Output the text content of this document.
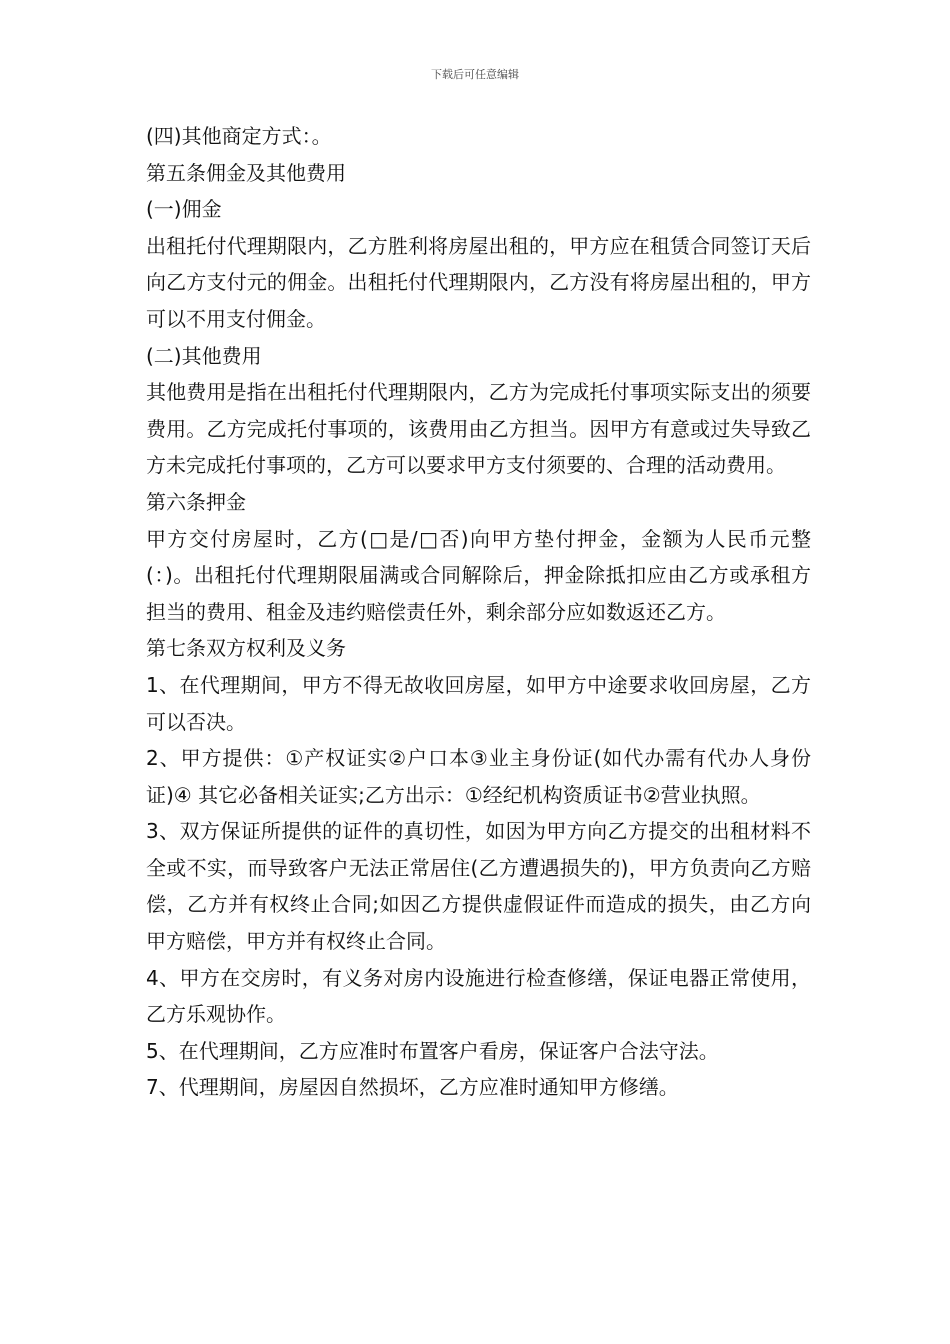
下载后可任意编辑

(四)其他商定方式：。

第五条佣金及其他费用

(一)佣金

出租托付代理期限内，乙方胜利将房屋出租的，甲方应在租赁合同签订天后向乙方支付元的佣金。出租托付代理期限内，乙方没有将房屋出租的，甲方可以不用支付佣金。

(二)其他费用

其他费用是指在出租托付代理期限内，乙方为完成托付事项实际支出的须要费用。乙方完成托付事项的，该费用由乙方担当。因甲方有意或过失导致乙方未完成托付事项的，乙方可以要求甲方支付须要的、合理的活动费用。

第六条押金

甲方交付房屋时，乙方(□是/□否)向甲方垫付押金，金额为人民币元整(：)。出租托付代理期限届满或合同解除后，押金除抵扣应由乙方或承租方担当的费用、租金及违约赔偿责任外，剩余部分应如数返还乙方。

第七条双方权利及义务

1、在代理期间，甲方不得无故收回房屋，如甲方中途要求收回房屋，乙方可以否决。

2、甲方提供：①产权证实②户口本③业主身份证(如代办需有代办人身份证)④ 其它必备相关证实;乙方出示：①经纪机构资质证书②营业执照。

3、双方保证所提供的证件的真切性，如因为甲方向乙方提交的出租材料不全或不实，而导致客户无法正常居住(乙方遭遇损失的)，甲方负责向乙方赔偿，乙方并有权终止合同;如因乙方提供虚假证件而造成的损失，由乙方向甲方赔偿，甲方并有权终止合同。

4、甲方在交房时，有义务对房内设施进行检查修缮，保证电器正常使用，乙方乐观协作。

5、在代理期间，乙方应准时布置客户看房，保证客户合法守法。

7、代理期间，房屋因自然损坏，乙方应准时通知甲方修缮。
